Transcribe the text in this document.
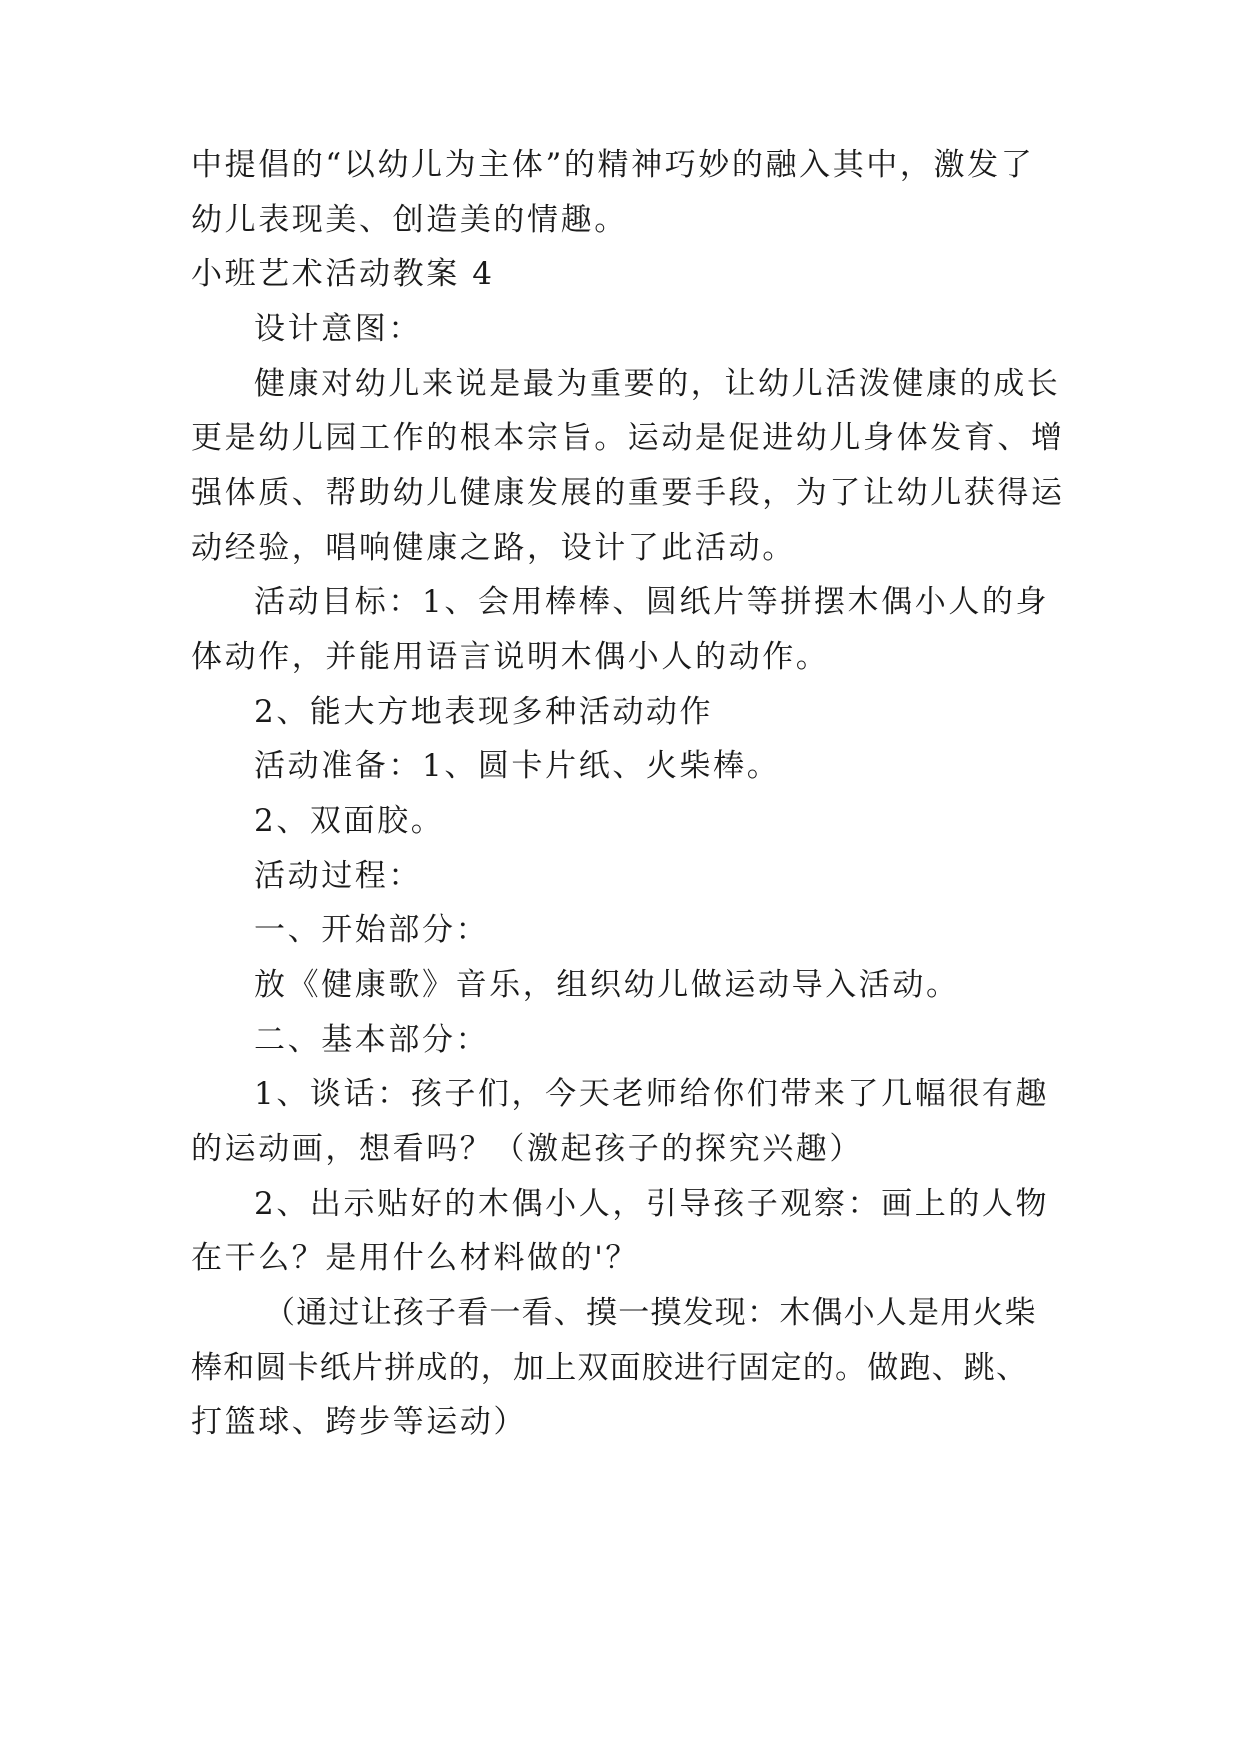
中提倡的“以幼儿为主体”的精神巧妙的融入其中，激发了
幼儿表现美、创造美的情趣。
小班艺术活动教案 4
设计意图：
健康对幼儿来说是最为重要的，让幼儿活泼健康的成长
更是幼儿园工作的根本宗旨。运动是促进幼儿身体发育、增
强体质、帮助幼儿健康发展的重要手段，为了让幼儿获得运
动经验，唱响健康之路，设计了此活动。
活动目标：1、会用棒棒、圆纸片等拼摆木偶小人的身
体动作，并能用语言说明木偶小人的动作。
2、能大方地表现多种活动动作
活动准备：1、圆卡片纸、火柴棒。
2、双面胶。
活动过程：
一、开始部分：
放《健康歌》音乐，组织幼儿做运动导入活动。
二、基本部分：
1、谈话：孩子们，今天老师给你们带来了几幅很有趣
的运动画，想看吗？（激起孩子的探究兴趣）
2、出示贴好的木偶小人，引导孩子观察：画上的人物
在干么？是用什么材料做的'？
（通过让孩子看一看、摸一摸发现：木偶小人是用火柴
棒和圆卡纸片拼成的，加上双面胶进行固定的。做跑、跳、
打篮球、跨步等运动）
